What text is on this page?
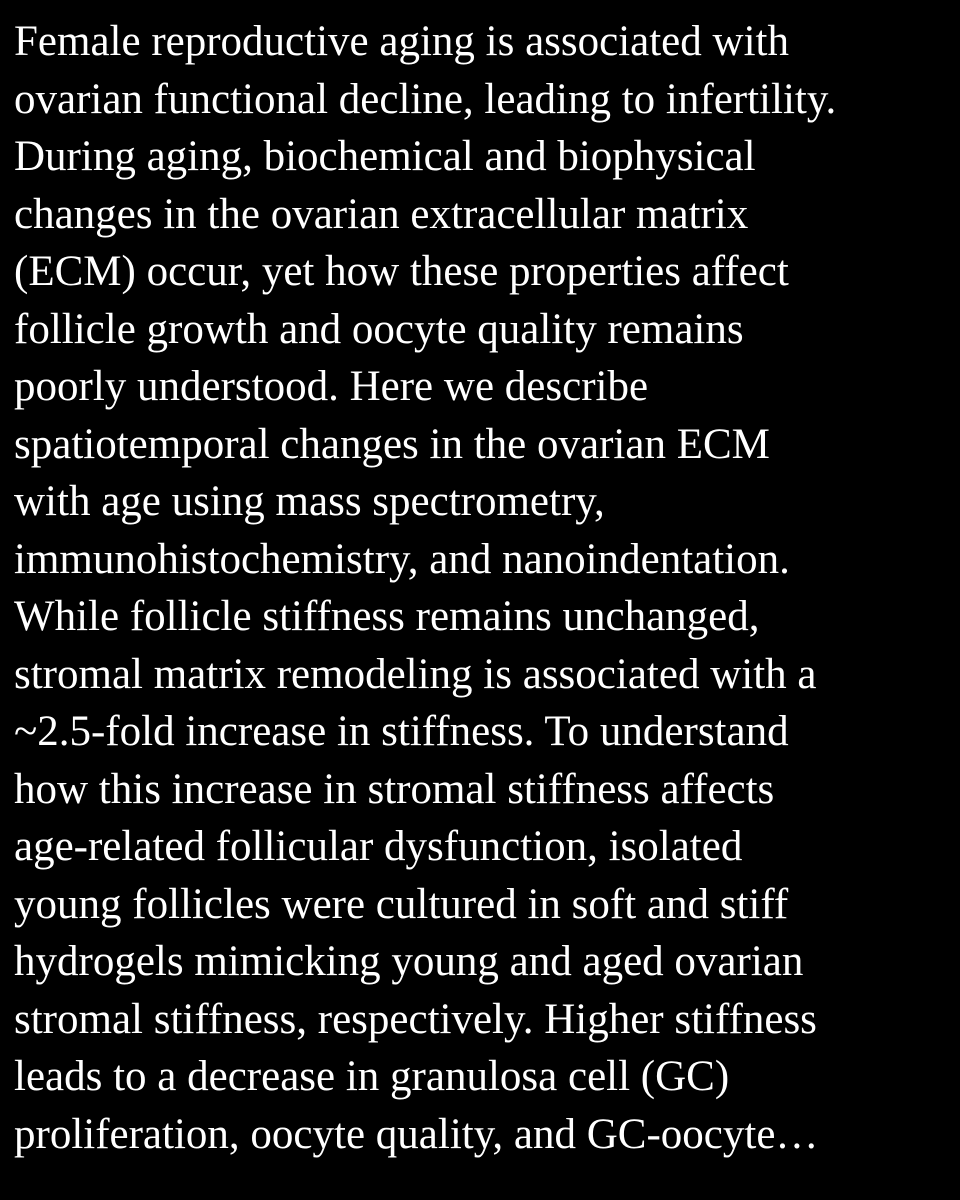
Female reproductive aging is associated with

ovarian functional decline, leading to infertility.

During aging, biochemical and biophysical

changes in the ovarian extracellular matrix

(ECM) occur, yet how these properties affect

follicle growth and oocyte quality remains

poorly understood. Here we describe

spatiotemporal changes in the ovarian ECM

with age using mass spectrometry,

immunohistochemistry, and nanoindentation.

While follicle stiffness remains unchanged,

stromal matrix remodeling is associated with a

~2.5-fold increase in stiffness. To understand

how this increase in stromal stiffness affects

age-related follicular dysfunction, isolated

young follicles were cultured in soft and stiff

hydrogels mimicking young and aged ovarian

stromal stiffness, respectively. Higher stiffness

leads to a decrease in granulosa cell (GC)

proliferation, oocyte quality, and GC-oocyte…
